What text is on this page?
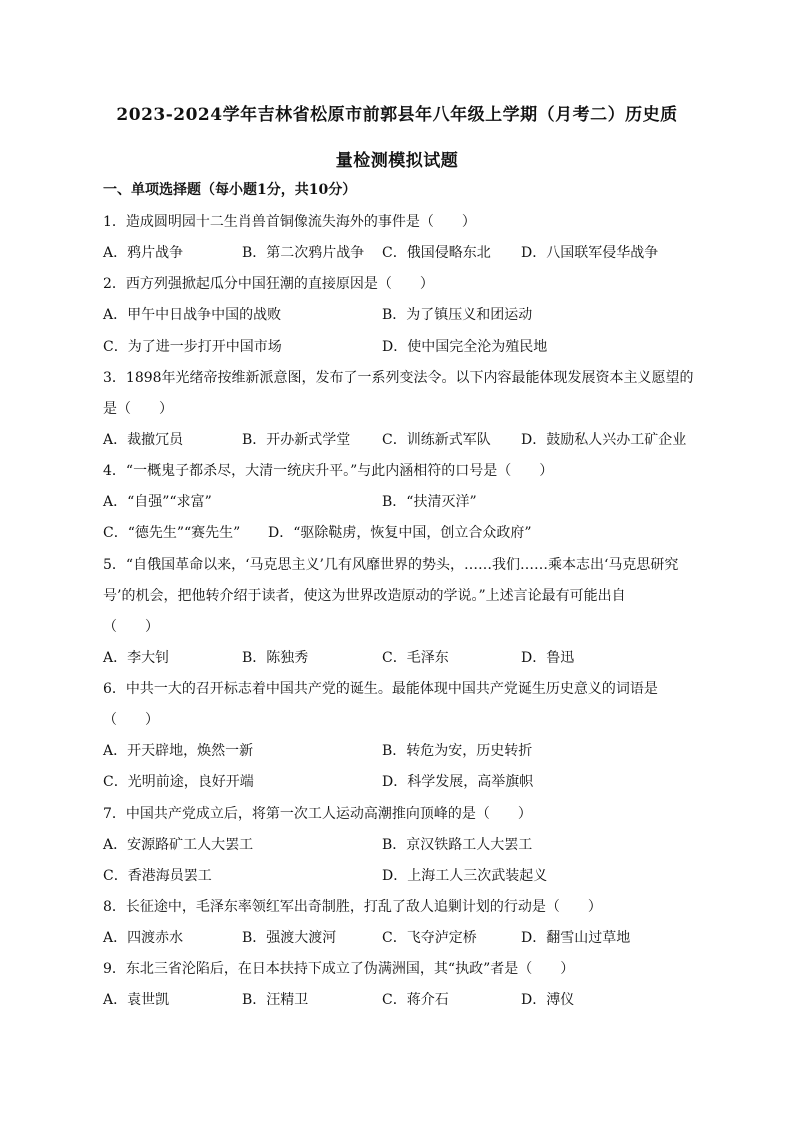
2023-2024学年吉林省松原市前郭县年八年级上学期（月考二）历史质
量检测模拟试题
一、单项选择题（每小题1分，共10分）
1．造成圆明园十二生肖兽首铜像流失海外的事件是（　　）
A．鸦片战争	B．第二次鸦片战争 C．俄国侵略东北 D．八国联军侵华战争
2．西方列强掀起瓜分中国狂潮的直接原因是（　　）
A．甲午中日战争中国的战败	B．为了镇压义和团运动
C．为了进一步打开中国市场	D．使中国完全沦为殖民地
3．1898年光绪帝按维新派意图，发布了一系列变法令。以下内容最能体现发展资本主义愿望的
是（　　）
A．裁撤冗员	B．开办新式学堂 C．训练新式军队 D．鼓励私人兴办工矿企业
4．“一概鬼子都杀尽，大清一统庆升平。”与此内涵相符的口号是（　　）
A．“自强”“求富”	B．“扶清灭洋”
C．“德先生”“赛先生” D．“驱除鞑虏，恢复中国，创立合众政府”
5．“自俄国革命以来，‘马克思主义’几有风靡世界的势头，……我们……乘本志出‘马克思研究
号’的机会，把他转介绍于读者，使这为世界改造原动的学说。”上述言论最有可能出自
（　　）
A．李大钊	B．陈独秀	C．毛泽东	D．鲁迅
6．中共一大的召开标志着中国共产党的诞生。最能体现中国共产党诞生历史意义的词语是
（　　）
A．开天辟地，焕然一新	B．转危为安，历史转折
C．光明前途，良好开端	D．科学发展，高举旗帜
7．中国共产党成立后，将第一次工人运动高潮推向顶峰的是（　　）
A．安源路矿工人大罢工	B．京汉铁路工人大罢工
C．香港海员罢工	D．上海工人三次武装起义
8．长征途中，毛泽东率领红军出奇制胜，打乱了敌人追剿计划的行动是（　　）
A．四渡赤水	B．强渡大渡河	C．飞夺泸定桥	D．翻雪山过草地
9．东北三省沦陷后，在日本扶持下成立了伪满洲国，其“执政”者是（　　）
A．袁世凯	B．汪精卫	C．蒋介石	D．溥仪
